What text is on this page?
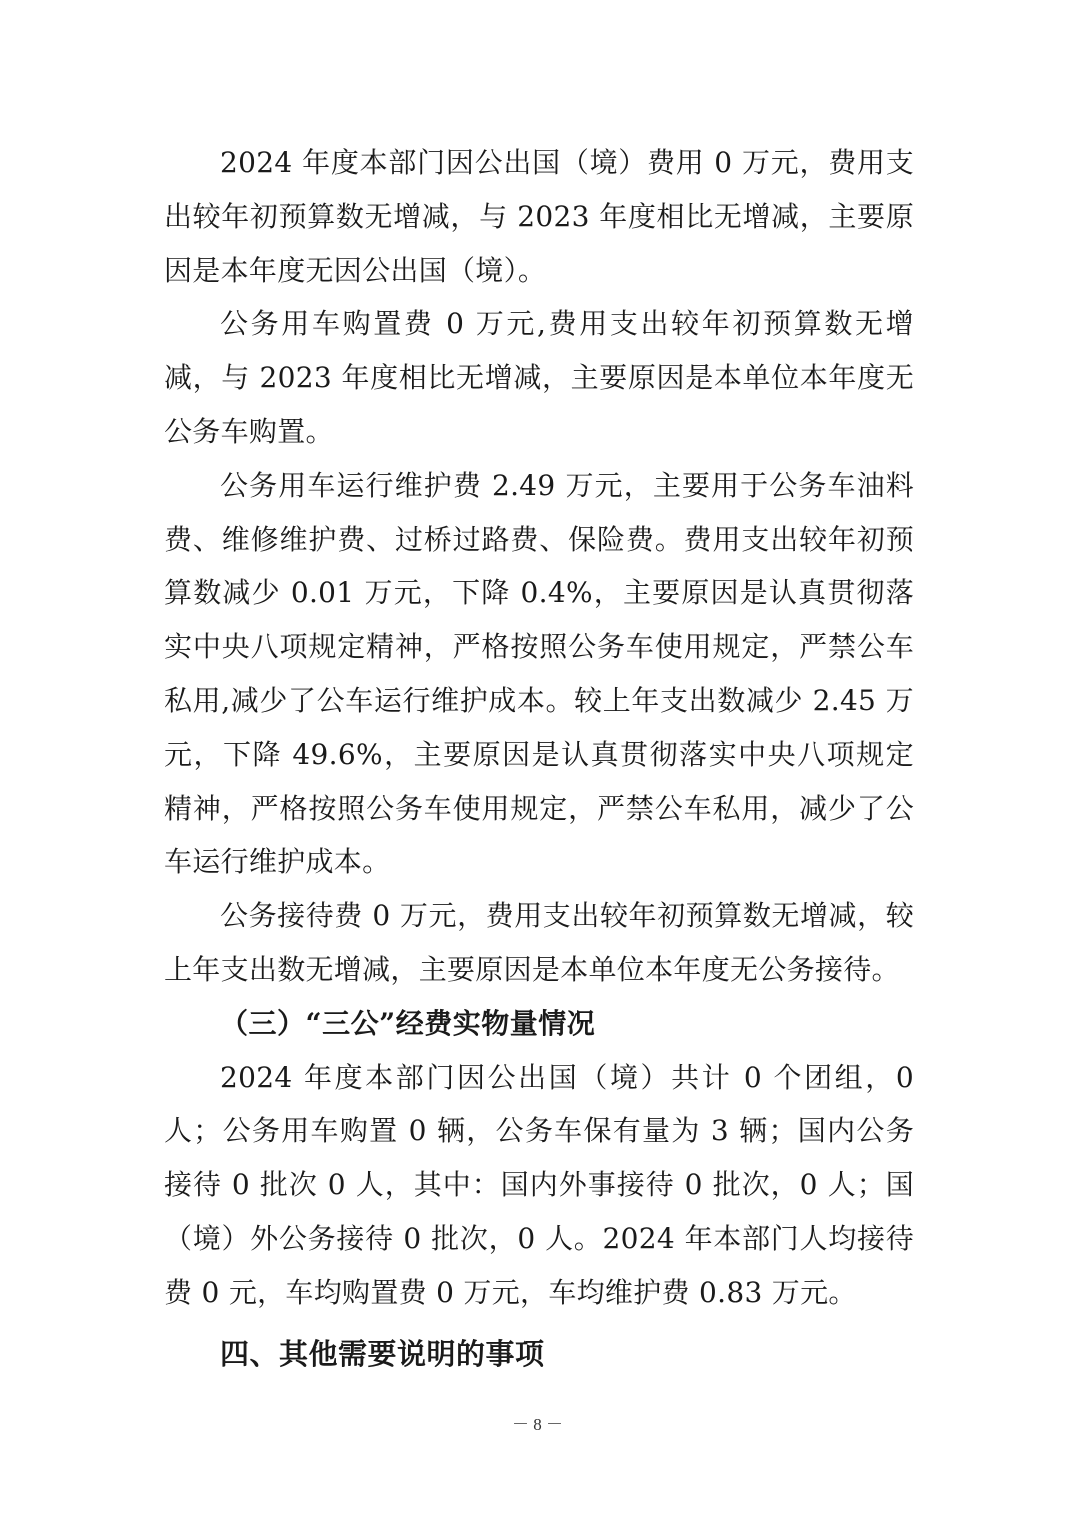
2024 年度本部门因公出国（境）费用 0 万元，费用支出较年初预算数无增减，与 2023 年度相比无增减，主要原因是本年度无因公出国（境）。

公务用车购置费 0 万元,费用支出较年初预算数无增减，与 2023 年度相比无增减，主要原因是本单位本年度无公务车购置。

公务用车运行维护费 2.49 万元，主要用于公务车油料费、维修维护费、过桥过路费、保险费。费用支出较年初预算数减少 0.01 万元，下降 0.4%，主要原因是认真贯彻落实中央八项规定精神，严格按照公务车使用规定，严禁公车私用,减少了公车运行维护成本。较上年支出数减少 2.45 万元，下降 49.6%，主要原因是认真贯彻落实中央八项规定精神，严格按照公务车使用规定，严禁公车私用，减少了公车运行维护成本。

公务接待费 0 万元，费用支出较年初预算数无增减，较上年支出数无增减，主要原因是本单位本年度无公务接待。

（三）“三公”经费实物量情况

2024 年度本部门因公出国（境）共计 0 个团组，0 人；公务用车购置 0 辆，公务车保有量为 3 辆；国内公务接待 0 批次 0 人，其中：国内外事接待 0 批次，0 人；国（境）外公务接待 0 批次，0 人。2024 年本部门人均接待费 0 元，车均购置费 0 万元，车均维护费 0.83 万元。

四、其他需要说明的事项

－ 8 －
